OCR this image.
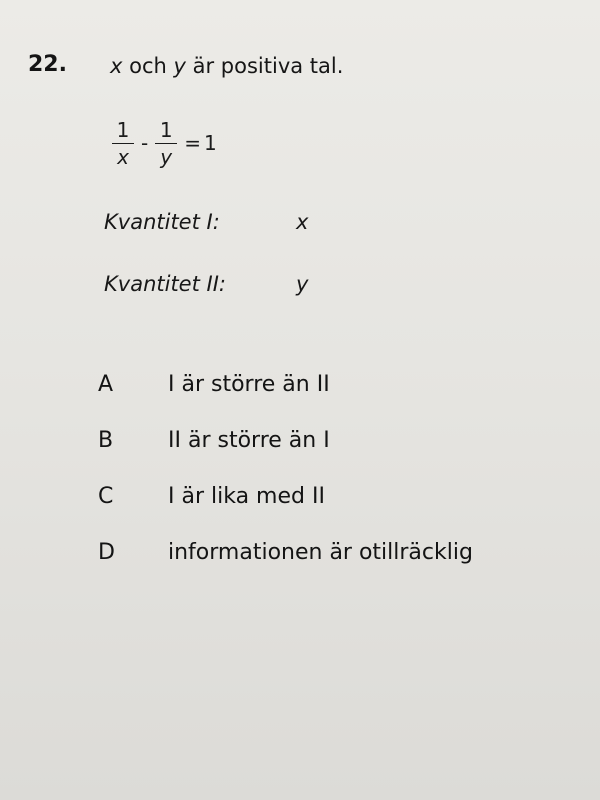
22. x och y är positiva tal.
$\frac{1}{x} - \frac{1}{y} = 1$
Kvantitet I:	x
Kvantitet II:	y
A I är större än II
B II är större än I
C I är lika med II
D informationen är otillräcklig
